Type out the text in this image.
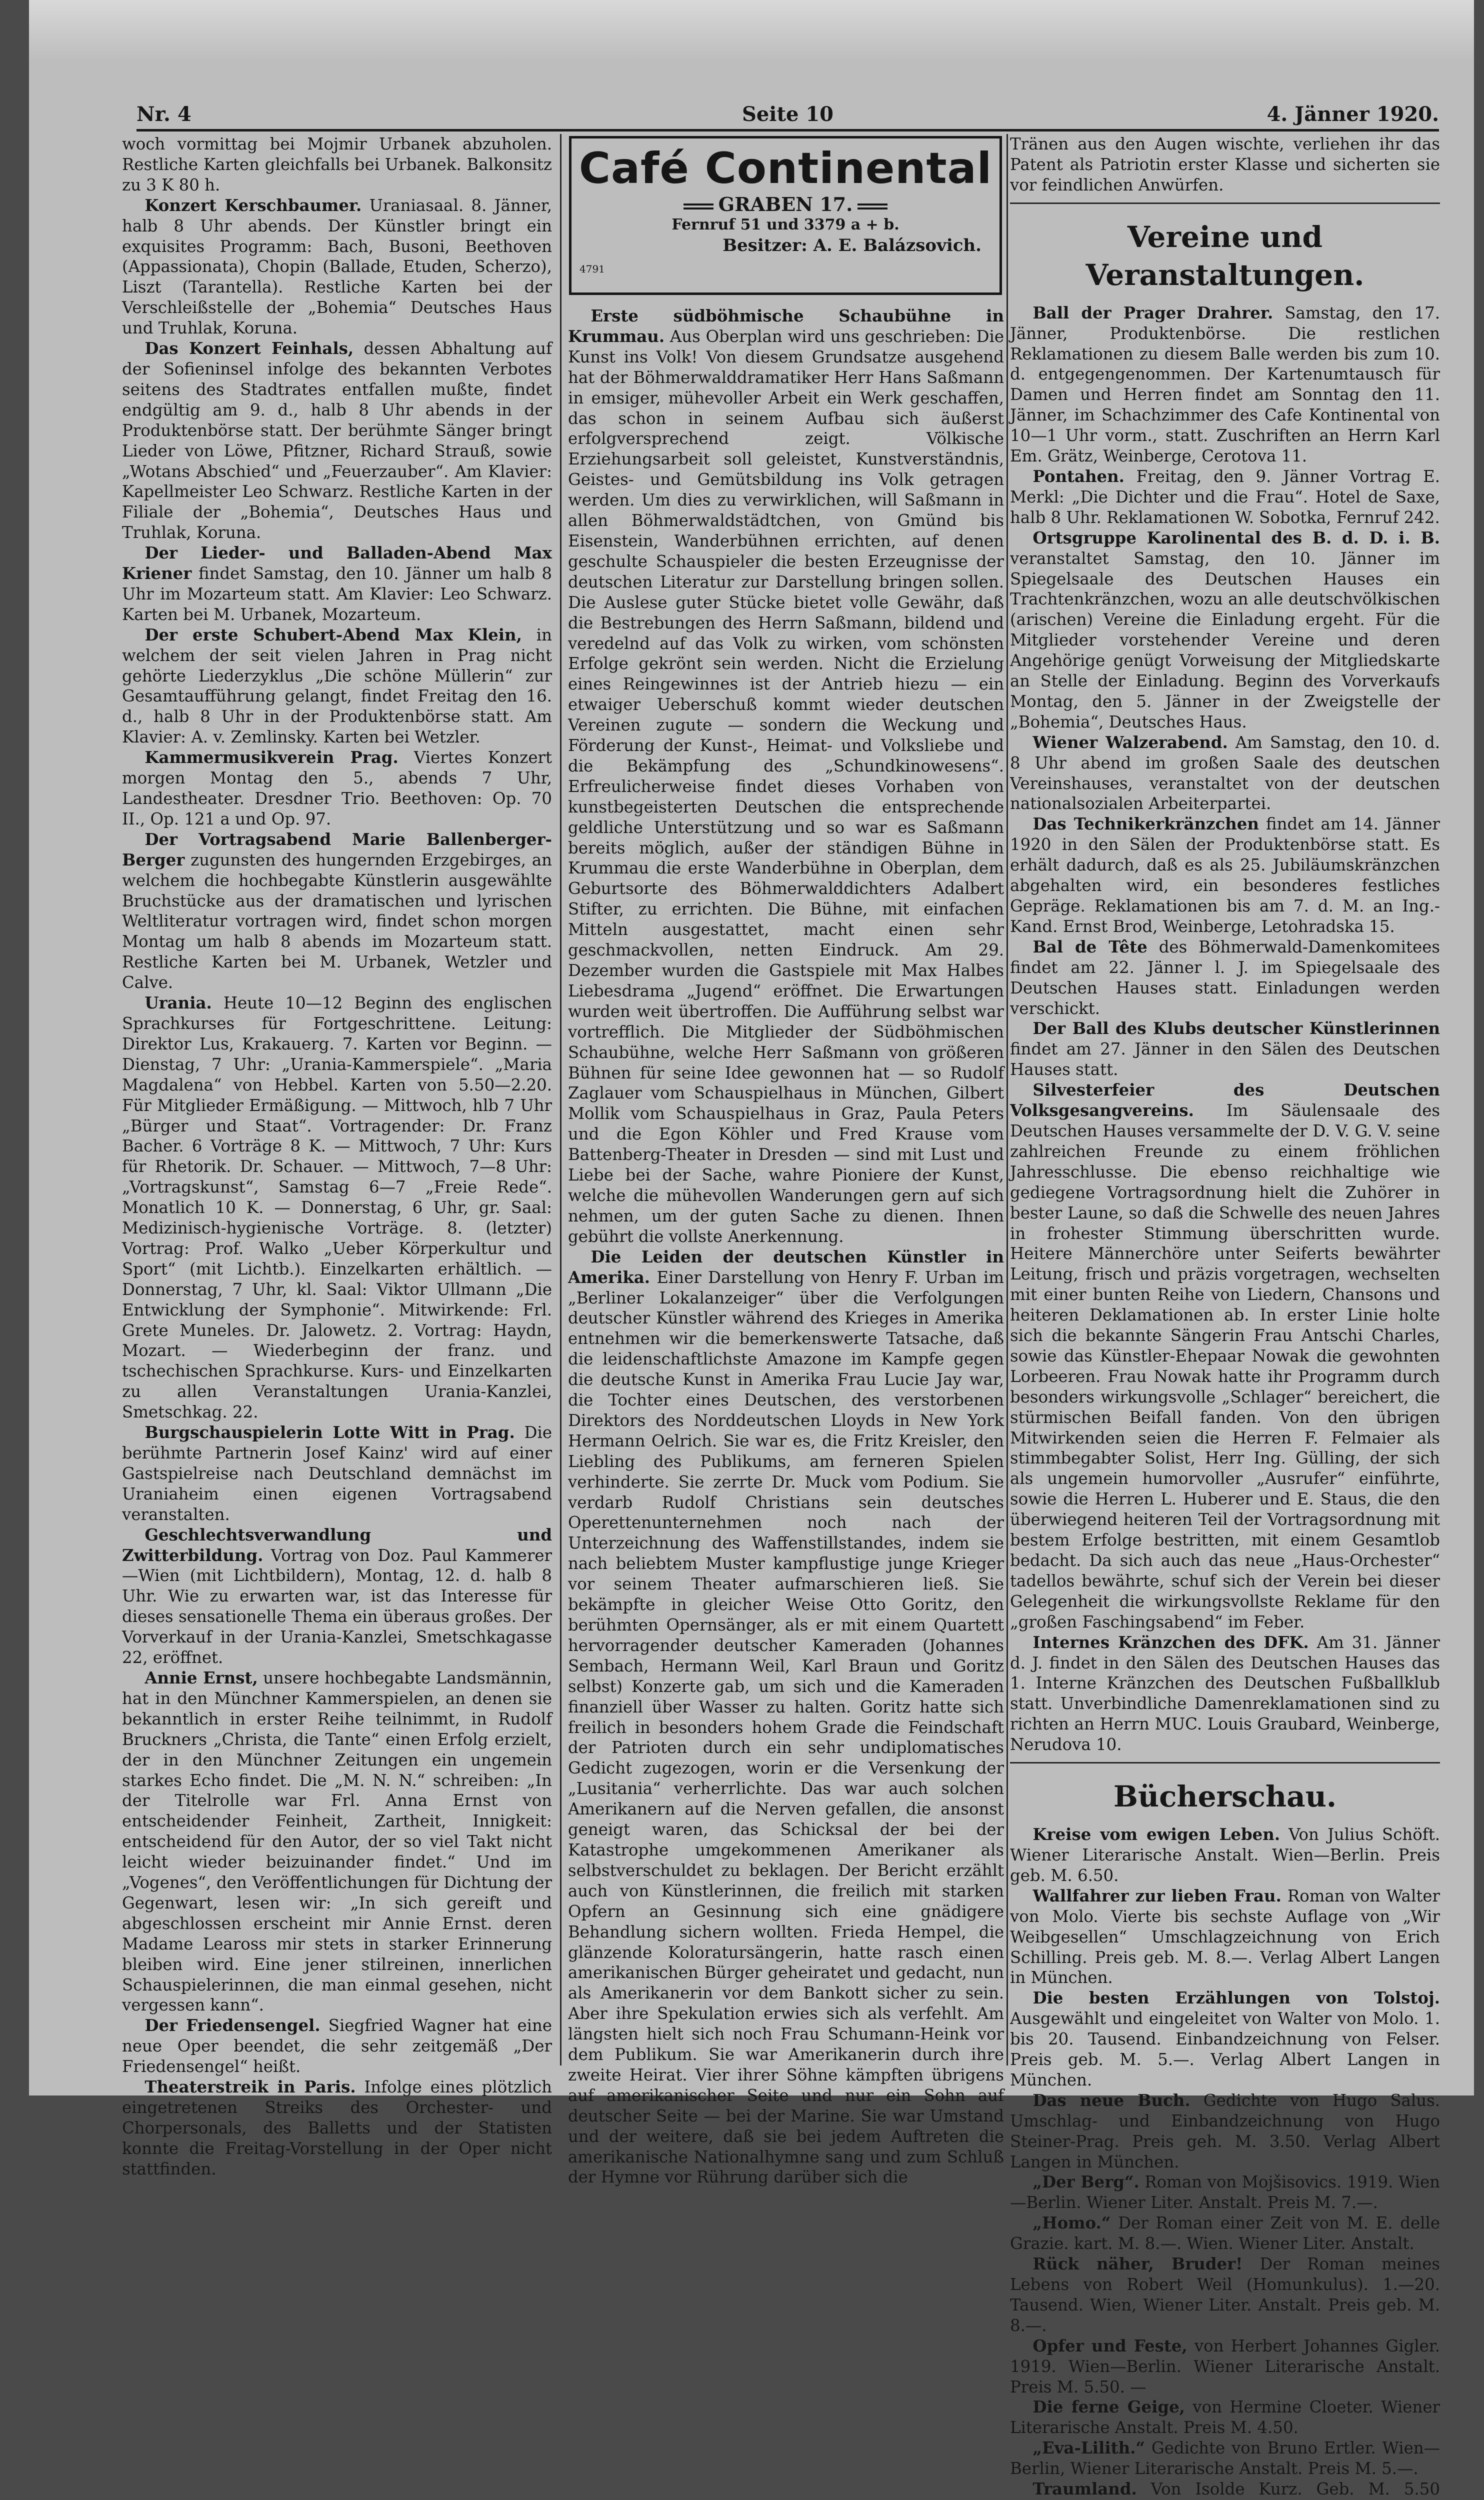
Nr. 4	Seite 10	4. Jänner 1920.

woch vormittag bei Mojmir Urbanek abzuholen. Restliche Karten gleichfalls bei Urbanek. Balkonsitz zu 3 K 80 h.

Konzert Kerschbaumer. Uraniasaal. 8. Jänner, halb 8 Uhr abends. Der Künstler bringt ein exquisites Programm: Bach, Busoni, Beethoven (Appassionata), Chopin (Ballade, Etuden, Scherzo), Liszt (Tarantella). Restliche Karten bei der Verschleißstelle der „Bohemia“ Deutsches Haus und Truhlak, Koruna.

Das Konzert Feinhals, dessen Abhaltung auf der Sofieninsel infolge des bekannten Verbotes seitens des Stadtrates entfallen mußte, findet endgültig am 9. d., halb 8 Uhr abends in der Produktenbörse statt. Der berühmte Sänger bringt Lieder von Löwe, Pfitzner, Richard Strauß, sowie „Wotans Abschied“ und „Feuerzauber“. Am Klavier: Kapellmeister Leo Schwarz. Restliche Karten in der Filiale der „Bohemia“, Deutsches Haus und Truhlak, Koruna.

Der Lieder- und Balladen-Abend Max Kriener findet Samstag, den 10. Jänner um halb 8 Uhr im Mozarteum statt. Am Klavier: Leo Schwarz. Karten bei M. Urbanek, Mozarteum.

Der erste Schubert-Abend Max Klein, in welchem der seit vielen Jahren in Prag nicht gehörte Liederzyklus „Die schöne Müllerin“ zur Gesamtaufführung gelangt, findet Freitag den 16. d., halb 8 Uhr in der Produktenbörse statt. Am Klavier: A. v. Zemlinsky. Karten bei Wetzler.

Kammermusikverein Prag. Viertes Konzert morgen Montag den 5., abends 7 Uhr, Landestheater. Dresdner Trio. Beethoven: Op. 70 II., Op. 121 a und Op. 97.

Der Vortragsabend Marie Ballenberger-Berger zugunsten des hungernden Erzgebirges, an welchem die hochbegabte Künstlerin ausgewählte Bruchstücke aus der dramatischen und lyrischen Weltliteratur vortragen wird, findet schon morgen Montag um halb 8 abends im Mozarteum statt. Restliche Karten bei M. Urbanek, Wetzler und Calve.

Urania. Heute 10—12 Beginn des englischen Sprachkurses für Fortgeschrittene. Leitung: Direktor Lus, Krakauerg. 7. Karten vor Beginn. — Dienstag, 7 Uhr: „Urania-Kammerspiele“. „Maria Magdalena“ von Hebbel. Karten von 5.50—2.20. Für Mitglieder Ermäßigung. — Mittwoch, hlb 7 Uhr „Bürger und Staat“. Vortragender: Dr. Franz Bacher. 6 Vorträge 8 K. — Mittwoch, 7 Uhr: Kurs für Rhetorik. Dr. Schauer. — Mittwoch, 7—8 Uhr: „Vortragskunst“, Samstag 6—7 „Freie Rede“. Monatlich 10 K. — Donnerstag, 6 Uhr, gr. Saal: Medizinisch-hygienische Vorträge. 8. (letzter) Vortrag: Prof. Walko „Ueber Körperkultur und Sport“ (mit Lichtb.). Einzelkarten erhältlich. — Donnerstag, 7 Uhr, kl. Saal: Viktor Ullmann „Die Entwicklung der Symphonie“. Mitwirkende: Frl. Grete Muneles. Dr. Jalowetz. 2. Vortrag: Haydn, Mozart. — Wiederbeginn der franz. und tschechischen Sprachkurse. Kurs- und Einzelkarten zu allen Veranstaltungen Urania-Kanzlei, Smetschkag. 22.

Burgschauspielerin Lotte Witt in Prag. Die berühmte Partnerin Josef Kainz' wird auf einer Gastspielreise nach Deutschland demnächst im Uraniaheim einen eigenen Vortragsabend veranstalten.

Geschlechtsverwandlung und Zwitterbildung. Vortrag von Doz. Paul Kammerer—Wien (mit Lichtbildern), Montag, 12. d. halb 8 Uhr. Wie zu erwarten war, ist das Interesse für dieses sensationelle Thema ein überaus großes. Der Vorverkauf in der Urania-Kanzlei, Smetschkagasse 22, eröffnet.

Annie Ernst, unsere hochbegabte Landsmännin, hat in den Münchner Kammerspielen, an denen sie bekanntlich in erster Reihe teilnimmt, in Rudolf Bruckners „Christa, die Tante“ einen Erfolg erzielt, der in den Münchner Zeitungen ein ungemein starkes Echo findet. Die „M. N. N.“ schreiben: „In der Titelrolle war Frl. Anna Ernst von entscheidender Feinheit, Zartheit, Innigkeit: entscheidend für den Autor, der so viel Takt nicht leicht wieder beizuinander findet.“ Und im „Vogenes“, den Veröffentlichungen für Dichtung der Gegenwart, lesen wir: „In sich gereift und abgeschlossen erscheint mir Annie Ernst. deren Madame Leaross mir stets in starker Erinnerung bleiben wird. Eine jener stilreinen, innerlichen Schauspielerinnen, die man einmal gesehen, nicht vergessen kann“.

Der Friedensengel. Siegfried Wagner hat eine neue Oper beendet, die sehr zeitgemäß „Der Friedensengel“ heißt.

Theaterstreik in Paris. Infolge eines plötzlich eingetretenen Streiks des Orchester- und Chorpersonals, des Balletts und der Statisten konnte die Freitag-Vorstellung in der Oper nicht stattfinden.

Café Continental
GRABEN 17.
Fernruf 51 und 3379 a + b.
Besitzer: A. E. Balázsovich.
4791

Erste südböhmische Schaubühne in Krummau. Aus Oberplan wird uns geschrieben: Die Kunst ins Volk! Von diesem Grundsatze ausgehend hat der Böhmerwalddramatiker Herr Hans Saßmann in emsiger, mühevoller Arbeit ein Werk geschaffen, das schon in seinem Aufbau sich äußerst erfolgversprechend zeigt. Völkische Erziehungsarbeit soll geleistet, Kunstverständnis, Geistes- und Gemütsbildung ins Volk getragen werden. Um dies zu verwirklichen, will Saßmann in allen Böhmerwaldstädtchen, von Gmünd bis Eisenstein, Wanderbühnen errichten, auf denen geschulte Schauspieler die besten Erzeugnisse der deutschen Literatur zur Darstellung bringen sollen. Die Auslese guter Stücke bietet volle Gewähr, daß die Bestrebungen des Herrn Saßmann, bildend und veredelnd auf das Volk zu wirken, vom schönsten Erfolge gekrönt sein werden. Nicht die Erzielung eines Reingewinnes ist der Antrieb hiezu — ein etwaiger Ueberschuß kommt wieder deutschen Vereinen zugute — sondern die Weckung und Förderung der Kunst-, Heimat- und Volksliebe und die Bekämpfung des „Schundkinowesens“. Erfreulicherweise findet dieses Vorhaben von kunstbegeisterten Deutschen die entsprechende geldliche Unterstützung und so war es Saßmann bereits möglich, außer der ständigen Bühne in Krummau die erste Wanderbühne in Oberplan, dem Geburtsorte des Böhmerwalddichters Adalbert Stifter, zu errichten. Die Bühne, mit einfachen Mitteln ausgestattet, macht einen sehr geschmackvollen, netten Eindruck. Am 29. Dezember wurden die Gastspiele mit Max Halbes Liebesdrama „Jugend“ eröffnet. Die Erwartungen wurden weit übertroffen. Die Aufführung selbst war vortrefflich. Die Mitglieder der Südböhmischen Schaubühne, welche Herr Saßmann von größeren Bühnen für seine Idee gewonnen hat — so Rudolf Zaglauer vom Schauspielhaus in München, Gilbert Mollik vom Schauspielhaus in Graz, Paula Peters und die Egon Köhler und Fred Krause vom Battenberg-Theater in Dresden — sind mit Lust und Liebe bei der Sache, wahre Pioniere der Kunst, welche die mühevollen Wanderungen gern auf sich nehmen, um der guten Sache zu dienen. Ihnen gebührt die vollste Anerkennung.

Die Leiden der deutschen Künstler in Amerika. Einer Darstellung von Henry F. Urban im „Berliner Lokalanzeiger“ über die Verfolgungen deutscher Künstler während des Krieges in Amerika entnehmen wir die bemerkenswerte Tatsache, daß die leidenschaftlichste Amazone im Kampfe gegen die deutsche Kunst in Amerika Frau Lucie Jay war, die Tochter eines Deutschen, des verstorbenen Direktors des Norddeutschen Lloyds in New York Hermann Oelrich. Sie war es, die Fritz Kreisler, den Liebling des Publikums, am ferneren Spielen verhinderte. Sie zerrte Dr. Muck vom Podium. Sie verdarb Rudolf Christians sein deutsches Operettenunternehmen noch nach der Unterzeichnung des Waffenstillstandes, indem sie nach beliebtem Muster kampflustige junge Krieger vor seinem Theater aufmarschieren ließ. Sie bekämpfte in gleicher Weise Otto Goritz, den berühmten Opernsänger, als er mit einem Quartett hervorragender deutscher Kameraden (Johannes Sembach, Hermann Weil, Karl Braun und Goritz selbst) Konzerte gab, um sich und die Kameraden finanziell über Wasser zu halten. Goritz hatte sich freilich in besonders hohem Grade die Feindschaft der Patrioten durch ein sehr undiplomatisches Gedicht zugezogen, worin er die Versenkung der „Lusitania“ verherrlichte. Das war auch solchen Amerikanern auf die Nerven gefallen, die ansonst geneigt waren, das Schicksal der bei der Katastrophe umgekommenen Amerikaner als selbstverschuldet zu beklagen. Der Bericht erzählt auch von Künstlerinnen, die freilich mit starken Opfern an Gesinnung sich eine gnädigere Behandlung sichern wollten. Frieda Hempel, die glänzende Koloratursängerin, hatte rasch einen amerikanischen Bürger geheiratet und gedacht, nun als Amerikanerin vor dem Bankott sicher zu sein. Aber ihre Spekulation erwies sich als verfehlt. Am längsten hielt sich noch Frau Schumann-Heink vor dem Publikum. Sie war Amerikanerin durch ihre zweite Heirat. Vier ihrer Söhne kämpften übrigens auf amerikanischer Seite und nur ein Sohn auf deutscher Seite — bei der Marine. Sie war Umstand und der weitere, daß sie bei jedem Auftreten die amerikanische Nationalhymne sang und zum Schluß der Hymne vor Rührung darüber sich die

Tränen aus den Augen wischte, verliehen ihr das Patent als Patriotin erster Klasse und sicherten sie vor feindlichen Anwürfen.

Vereine und Veranstaltungen.

Ball der Prager Drahrer. Samstag, den 17. Jänner, Produktenbörse. Die restlichen Reklamationen zu diesem Balle werden bis zum 10. d. entgegengenommen. Der Kartenumtausch für Damen und Herren findet am Sonntag den 11. Jänner, im Schachzimmer des Cafe Kontinental von 10—1 Uhr vorm., statt. Zuschriften an Herrn Karl Em. Grätz, Weinberge, Cerotova 11.

Pontahen. Freitag, den 9. Jänner Vortrag E. Merkl: „Die Dichter und die Frau“. Hotel de Saxe, halb 8 Uhr. Reklamationen W. Sobotka, Fernruf 242.

Ortsgruppe Karolinental des B. d. D. i. B. veranstaltet Samstag, den 10. Jänner im Spiegelsaale des Deutschen Hauses ein Trachtenkränzchen, wozu an alle deutschvölkischen (arischen) Vereine die Einladung ergeht. Für die Mitglieder vorstehender Vereine und deren Angehörige genügt Vorweisung der Mitgliedskarte an Stelle der Einladung. Beginn des Vorverkaufs Montag, den 5. Jänner in der Zweigstelle der „Bohemia“, Deutsches Haus.

Wiener Walzerabend. Am Samstag, den 10. d. 8 Uhr abend im großen Saale des deutschen Vereinshauses, veranstaltet von der deutschen nationalsozialen Arbeiterpartei.

Das Technikerkränzchen findet am 14. Jänner 1920 in den Sälen der Produktenbörse statt. Es erhält dadurch, daß es als 25. Jubiläumskränzchen abgehalten wird, ein besonderes festliches Gepräge. Reklamationen bis am 7. d. M. an Ing.-Kand. Ernst Brod, Weinberge, Letohradska 15.

Bal de Tête des Böhmerwald-Damenkomitees findet am 22. Jänner l. J. im Spiegelsaale des Deutschen Hauses statt. Einladungen werden verschickt.

Der Ball des Klubs deutscher Künstlerinnen findet am 27. Jänner in den Sälen des Deutschen Hauses statt.

Silvesterfeier des Deutschen Volksgesangvereins. Im Säulensaale des Deutschen Hauses versammelte der D. V. G. V. seine zahlreichen Freunde zu einem fröhlichen Jahresschlusse. Die ebenso reichhaltige wie gediegene Vortragsordnung hielt die Zuhörer in bester Laune, so daß die Schwelle des neuen Jahres in frohester Stimmung überschritten wurde. Heitere Männerchöre unter Seiferts bewährter Leitung, frisch und präzis vorgetragen, wechselten mit einer bunten Reihe von Liedern, Chansons und heiteren Deklamationen ab. In erster Linie holte sich die bekannte Sängerin Frau Antschi Charles, sowie das Künstler-Ehepaar Nowak die gewohnten Lorbeeren. Frau Nowak hatte ihr Programm durch besonders wirkungsvolle „Schlager“ bereichert, die stürmischen Beifall fanden. Von den übrigen Mitwirkenden seien die Herren F. Felmaier als stimmbegabter Solist, Herr Ing. Gülling, der sich als ungemein humorvoller „Ausrufer“ einführte, sowie die Herren L. Huberer und E. Staus, die den überwiegend heiteren Teil der Vortragsordnung mit bestem Erfolge bestritten, mit einem Gesamtlob bedacht. Da sich auch das neue „Haus-Orchester“ tadellos bewährte, schuf sich der Verein bei dieser Gelegenheit die wirkungsvollste Reklame für den „großen Faschingsabend“ im Feber.

Internes Kränzchen des DFK. Am 31. Jänner d. J. findet in den Sälen des Deutschen Hauses das 1. Interne Kränzchen des Deutschen Fußballklub statt. Unverbindliche Damenreklamationen sind zu richten an Herrn MUC. Louis Graubard, Weinberge, Nerudova 10.

Bücherschau.

Kreise vom ewigen Leben. Von Julius Schöft. Wiener Literarische Anstalt. Wien—Berlin. Preis geb. M. 6.50.

Wallfahrer zur lieben Frau. Roman von Walter von Molo. Vierte bis sechste Auflage von „Wir Weibgesellen“ Umschlagzeichnung von Erich Schilling. Preis geb. M. 8.—. Verlag Albert Langen in München.

Die besten Erzählungen von Tolstoj. Ausgewählt und eingeleitet von Walter von Molo. 1. bis 20. Tausend. Einbandzeichnung von Felser. Preis geb. M. 5.—. Verlag Albert Langen in München.

Das neue Buch. Gedichte von Hugo Salus. Umschlag- und Einbandzeichnung von Hugo Steiner-Prag. Preis geh. M. 3.50. Verlag Albert Langen in München.

„Der Berg“. Roman von Mojšisovics. 1919. Wien—Berlin. Wiener Liter. Anstalt. Preis M. 7.—.

„Homo.“ Der Roman einer Zeit von M. E. delle Grazie. kart. M. 8.—. Wien. Wiener Liter. Anstalt.

Rück näher, Bruder! Der Roman meines Lebens von Robert Weil (Homunkulus). 1.—20. Tausend. Wien, Wiener Liter. Anstalt. Preis geb. M. 8.—.

Opfer und Feste, von Herbert Johannes Gigler. 1919. Wien—Berlin. Wiener Literarische Anstalt. Preis M. 5.50. —

Die ferne Geige, von Hermine Cloeter. Wiener Literarische Anstalt. Preis M. 4.50.

„Eva-Lilith.“ Gedichte von Bruno Ertler. Wien—Berlin, Wiener Literarische Anstalt. Preis M. 5.—.

Traumland. Von Isolde Kurz. Geb. M. 5.50
